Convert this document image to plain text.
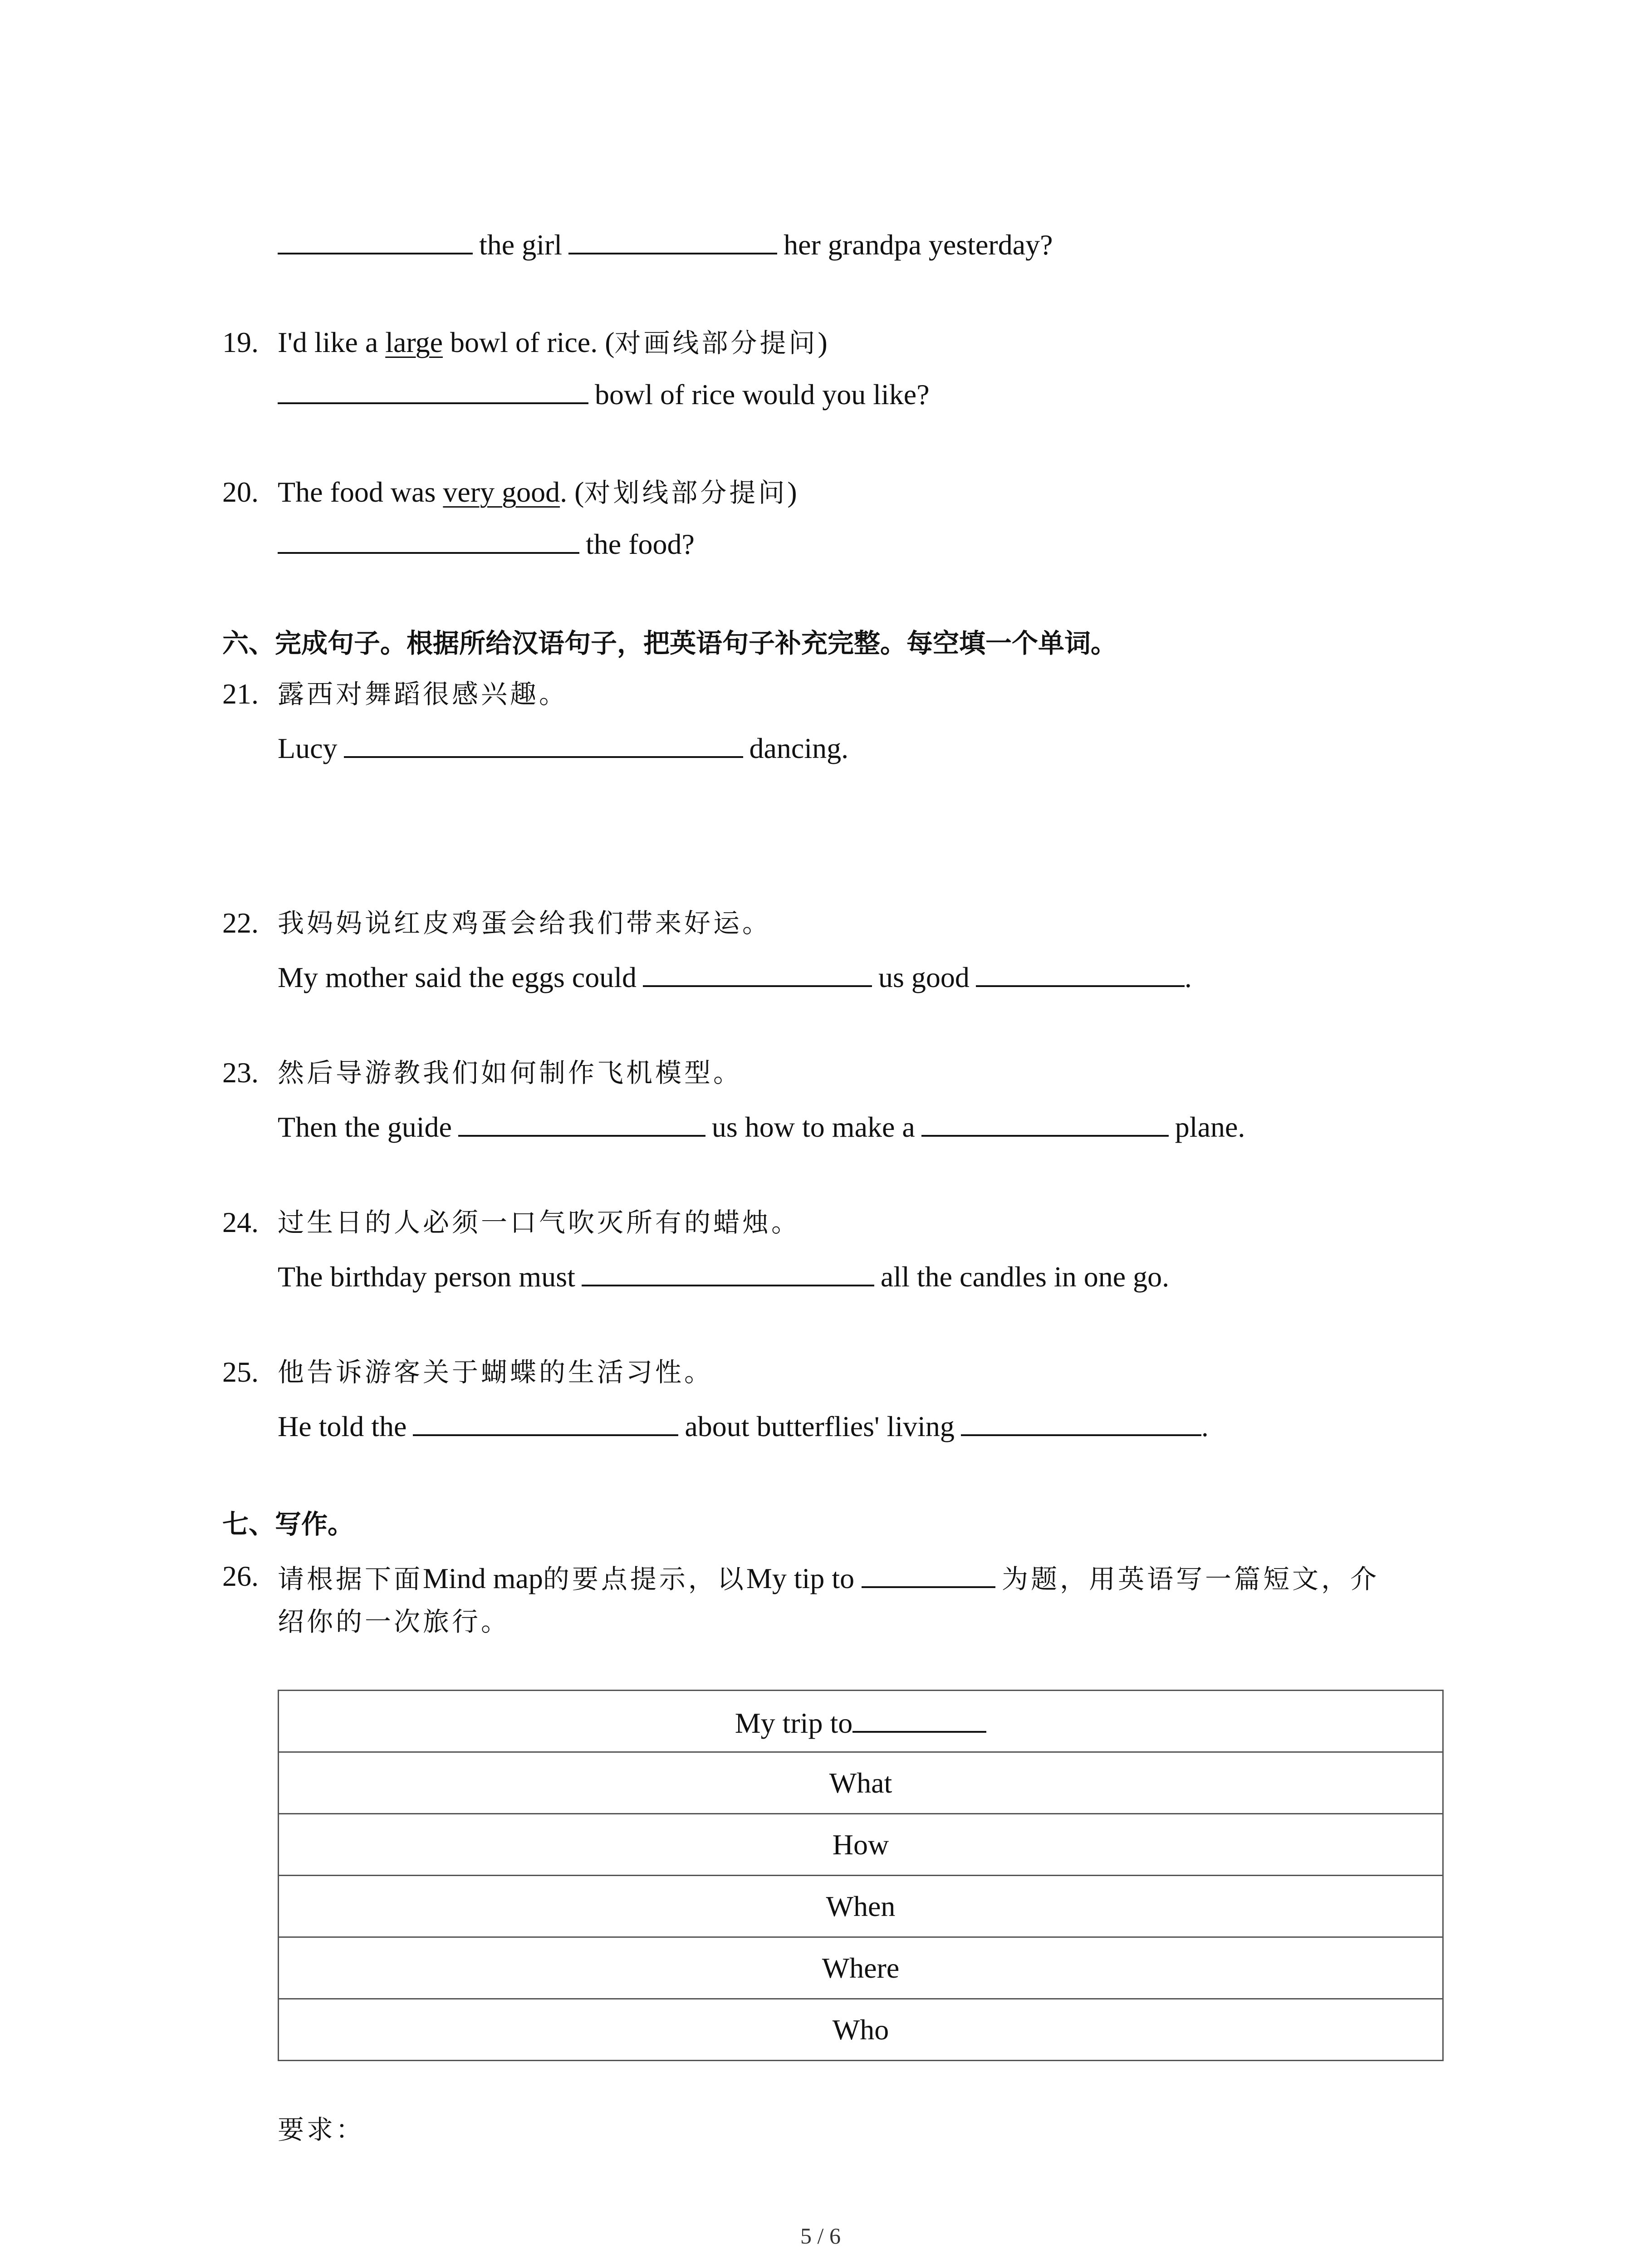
the girl	her grandpa yesterday?
19. I'd like a large bowl of rice. (对画线部分提问)
bowl of rice would you like?
20. The food was very good. (对划线部分提问)
the food?
六、完成句子。根据所给汉语句子，把英语句子补充完整。每空填一个单词。
21. 露西对舞蹈很感兴趣。
Lucy	dancing.
22. 我妈妈说红皮鸡蛋会给我们带来好运。
My mother said the eggs could	us good	.
23. 然后导游教我们如何制作飞机模型。
Then the guide	us how to make a	plane.
24. 过生日的人必须一口气吹灭所有的蜡烛。
The birthday person must	all the candles in one go.
25. 他告诉游客关于蝴蝶的生活习性。
He told the	about butterflies' living	.
七、写作。
26. 请根据下面Mind map的要点提示，以My tip to	为题，用英语写一篇短文，介
绍你的一次旅行。
My trip to
What
How
When
Where
Who
要求：
5 / 6
